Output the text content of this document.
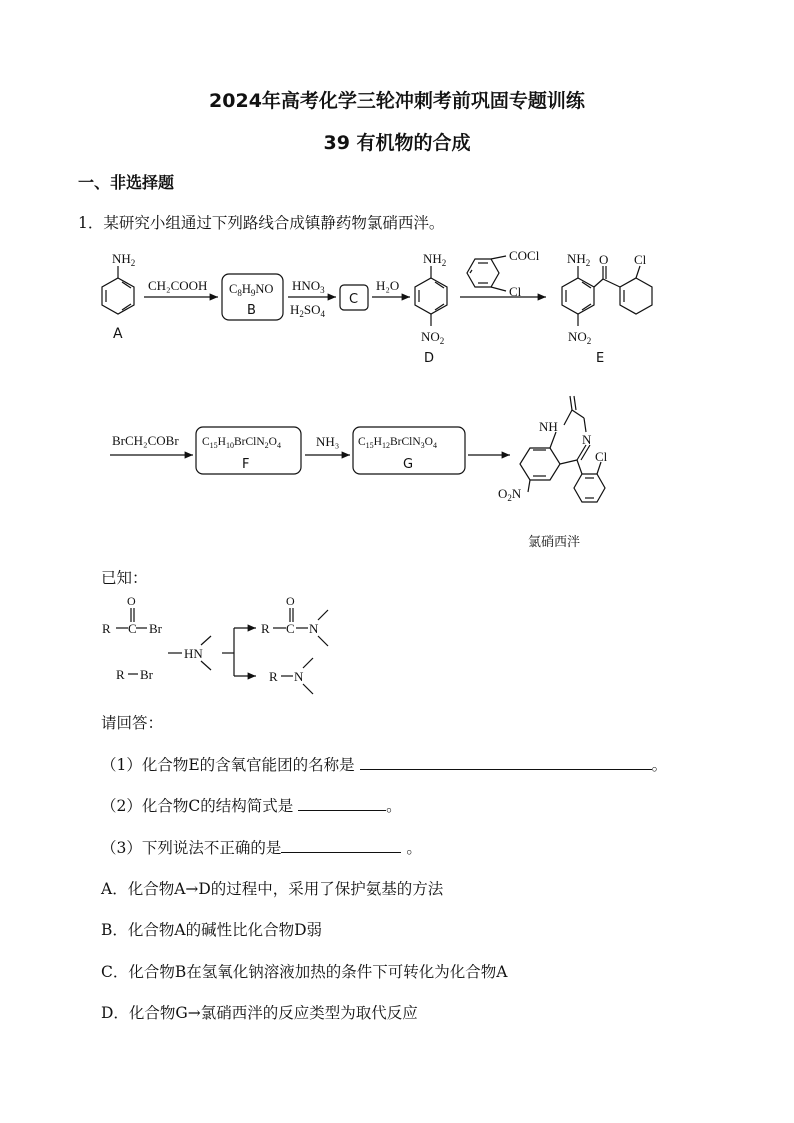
2024年高考化学三轮冲刺考前巩固专题训练
39 有机物的合成
一、非选择题
1．某研究小组通过下列路线合成镇静药物氯硝西泮。
$NH_2$
A
CH₂COOH $C_8H_9NO$
B
$HNO_3$
$H_2SO_4$
C
H₂O
$NH_2$
$NO_2$
D
COCl
Cl
$NH_2$ O Cl
$NO_2$
E
BrCH₂COBr $C_{15}H_{10}BrClN_2O_4$
F
NH₃ $C_{15}H_{12}BrClN_3O_4$
G
NH
N
Cl
$O_2N$
氯硝西泮
R
O
C Br
R Br
HN
R
O
C N
R N
已知：
请回答：
（1）化合物E的含氧官能团的名称是	。
（2）化合物C的结构简式是	。
（3）下列说法不正确的是	。
A．化合物A→D的过程中，采用了保护氨基的方法
B．化合物A的碱性比化合物D弱
C．化合物B在氢氧化钠溶液加热的条件下可转化为化合物A
D．化合物G→氯硝西泮的反应类型为取代反应
